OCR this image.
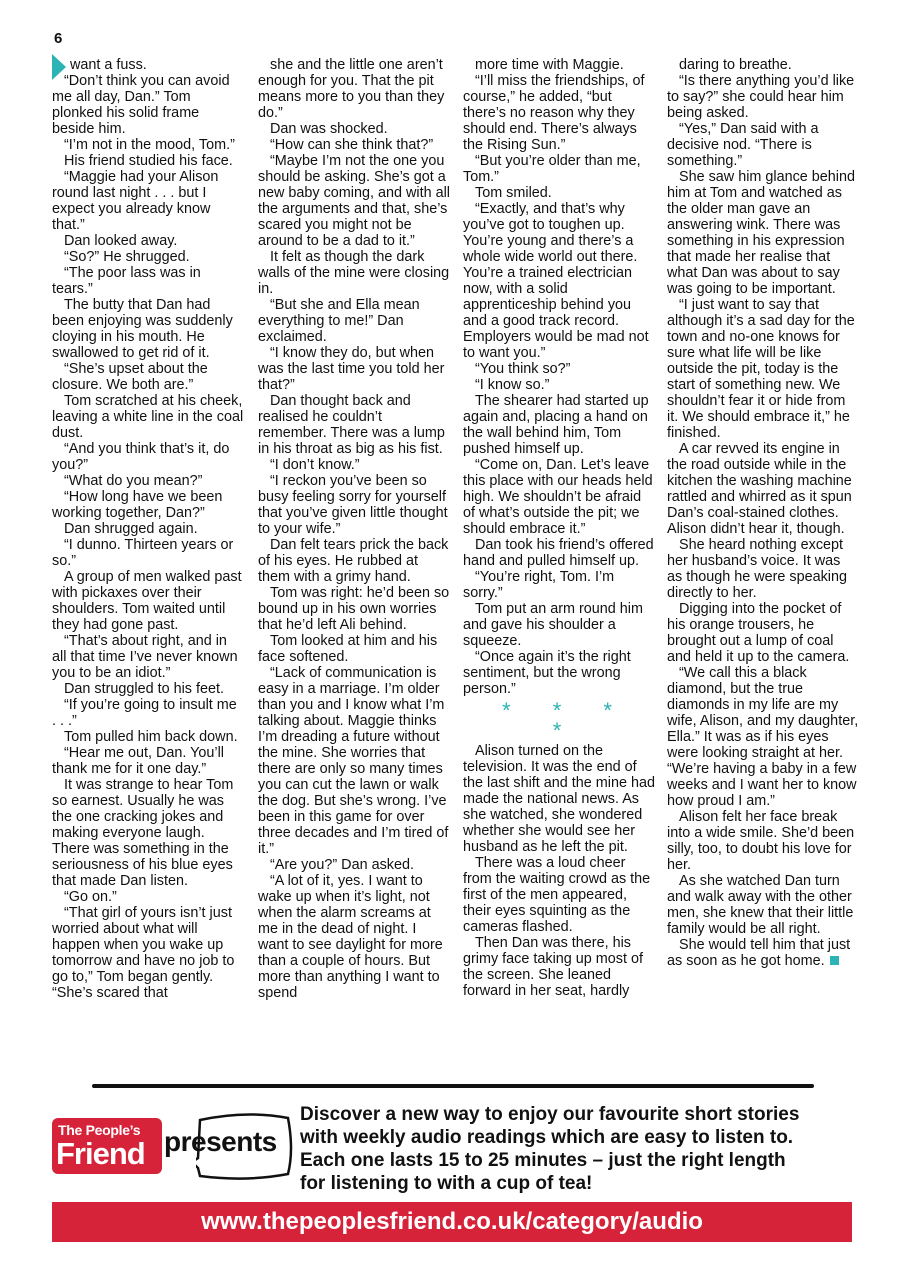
6

want a fuss.

“Don’t think you can avoid me all day, Dan.” Tom plonked his solid frame beside him.

“I’m not in the mood, Tom.”

His friend studied his face.

“Maggie had your Alison round last night . . . but I expect you already know that.”

Dan looked away.

“So?” He shrugged.

“The poor lass was in tears.”

The butty that Dan had been enjoying was suddenly cloying in his mouth. He swallowed to get rid of it.

“She’s upset about the closure. We both are.”

Tom scratched at his cheek, leaving a white line in the coal dust.

“And you think that’s it, do you?”

“What do you mean?”

“How long have we been working together, Dan?”

Dan shrugged again.

“I dunno. Thirteen years or so.”

A group of men walked past with pickaxes over their shoulders. Tom waited until they had gone past.

“That’s about right, and in all that time I’ve never known you to be an idiot.”

Dan struggled to his feet.

“If you’re going to insult me . . .”

Tom pulled him back down.

“Hear me out, Dan. You’ll thank me for it one day.”

It was strange to hear Tom so earnest. Usually he was the one cracking jokes and making everyone laugh. There was something in the seriousness of his blue eyes that made Dan listen.

“Go on.”

“That girl of yours isn’t just worried about what will happen when you wake up tomorrow and have no job to go to,” Tom began gently. “She’s scared that

she and the little one aren’t enough for you. That the pit means more to you than they do.”

Dan was shocked.

“How can she think that?”

“Maybe I’m not the one you should be asking. She’s got a new baby coming, and with all the arguments and that, she’s scared you might not be around to be a dad to it.”

It felt as though the dark walls of the mine were closing in.

“But she and Ella mean everything to me!” Dan exclaimed.

“I know they do, but when was the last time you told her that?”

Dan thought back and realised he couldn’t remember. There was a lump in his throat as big as his fist.

“I don’t know.”

“I reckon you’ve been so busy feeling sorry for yourself that you’ve given little thought to your wife.”

Dan felt tears prick the back of his eyes. He rubbed at them with a grimy hand.

Tom was right: he’d been so bound up in his own worries that he’d left Ali behind.

Tom looked at him and his face softened.

“Lack of communication is easy in a marriage. I’m older than you and I know what I’m talking about. Maggie thinks I’m dreading a future without the mine. She worries that there are only so many times you can cut the lawn or walk the dog. But she’s wrong. I’ve been in this game for over three decades and I’m tired of it.”

“Are you?” Dan asked.

“A lot of it, yes. I want to wake up when it’s light, not when the alarm screams at me in the dead of night. I want to see daylight for more than a couple of hours. But more than anything I want to spend

more time with Maggie.

“I’ll miss the friendships, of course,” he added, “but there’s no reason why they should end. There’s always the Rising Sun.”

“But you’re older than me, Tom.”

Tom smiled.

“Exactly, and that’s why you’ve got to toughen up. You’re young and there’s a whole wide world out there. You’re a trained electrician now, with a solid apprenticeship behind you and a good track record. Employers would be mad not to want you.”

“You think so?”

“I know so.”

The shearer had started up again and, placing a hand on the wall behind him, Tom pushed himself up.

“Come on, Dan. Let’s leave this place with our heads held high. We shouldn’t be afraid of what’s outside the pit; we should embrace it.”

Dan took his friend’s offered hand and pulled himself up.

“You’re right, Tom. I’m sorry.”

Tom put an arm round him and gave his shoulder a squeeze.

“Once again it’s the right sentiment, but the wrong person.”

* * * *

Alison turned on the television. It was the end of the last shift and the mine had made the national news. As she watched, she wondered whether she would see her husband as he left the pit.

There was a loud cheer from the waiting crowd as the first of the men appeared, their eyes squinting as the cameras flashed.

Then Dan was there, his grimy face taking up most of the screen. She leaned forward in her seat, hardly

daring to breathe.

“Is there anything you’d like to say?” she could hear him being asked.

“Yes,” Dan said with a decisive nod. “There is something.”

She saw him glance behind him at Tom and watched as the older man gave an answering wink. There was something in his expression that made her realise that what Dan was about to say was going to be important.

“I just want to say that although it’s a sad day for the town and no-one knows for sure what life will be like outside the pit, today is the start of something new. We shouldn’t fear it or hide from it. We should embrace it,” he finished.

A car revved its engine in the road outside while in the kitchen the washing machine rattled and whirred as it spun Dan’s coal-stained clothes. Alison didn’t hear it, though.

She heard nothing except her husband’s voice. It was as though he were speaking directly to her.

Digging into the pocket of his orange trousers, he brought out a lump of coal and held it up to the camera.

“We call this a black diamond, but the true diamonds in my life are my wife, Alison, and my daughter, Ella.” It was as if his eyes were looking straight at her. “We’re having a baby in a few weeks and I want her to know how proud I am.”

Alison felt her face break into a wide smile. She’d been silly, too, to doubt his love for her.

As she watched Dan turn and walk away with the other men, she knew that their little family would be all right.

She would tell him that just as soon as he got home.

The People’s
Friend presents
Discover a new way to enjoy our favourite short stories
with weekly audio readings which are easy to listen to.
Each one lasts 15 to 25 minutes – just the right length
for listening to with a cup of tea!
www.thepeoplesfriend.co.uk/category/audio
